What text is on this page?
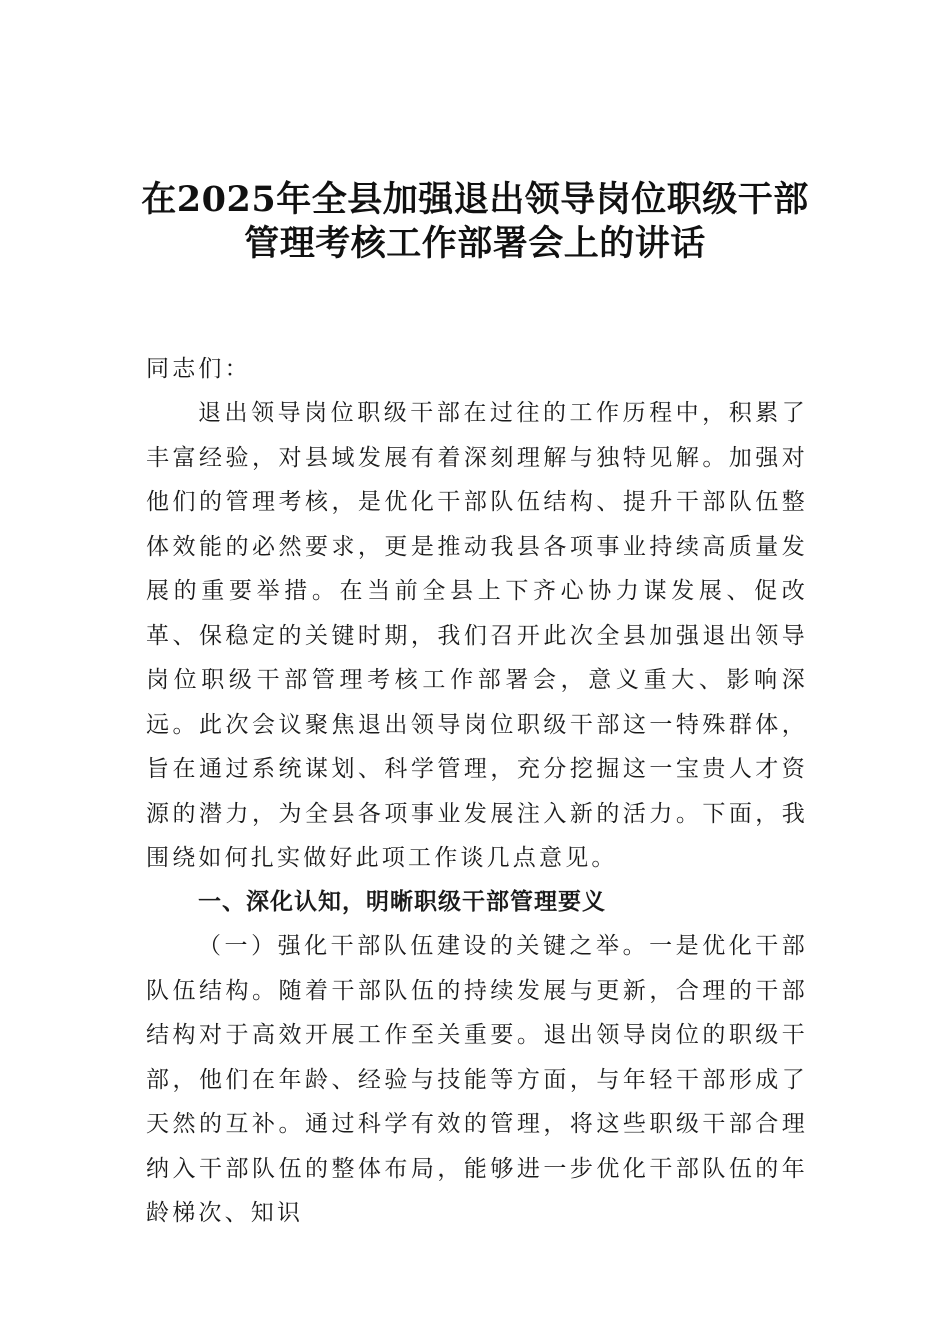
在2025年全县加强退出领导岗位职级干部
管理考核工作部署会上的讲话
同志们：
退出领导岗位职级干部在过往的工作历程中，积累了丰富经验，对县域发展有着深刻理解与独特见解。加强对他们的管理考核，是优化干部队伍结构、提升干部队伍整体效能的必然要求，更是推动我县各项事业持续高质量发展的重要举措。在当前全县上下齐心协力谋发展、促改革、保稳定的关键时期，我们召开此次全县加强退出领导岗位职级干部管理考核工作部署会，意义重大、影响深远。此次会议聚焦退出领导岗位职级干部这一特殊群体，旨在通过系统谋划、科学管理，充分挖掘这一宝贵人才资源的潜力，为全县各项事业发展注入新的活力。下面，我围绕如何扎实做好此项工作谈几点意见。
一、深化认知，明晰职级干部管理要义
（一）强化干部队伍建设的关键之举。一是优化干部队伍结构。随着干部队伍的持续发展与更新，合理的干部结构对于高效开展工作至关重要。退出领导岗位的职级干部，他们在年龄、经验与技能等方面，与年轻干部形成了天然的互补。通过科学有效的管理，将这些职级干部合理纳入干部队伍的整体布局，能够进一步优化干部队伍的年龄梯次、知识
